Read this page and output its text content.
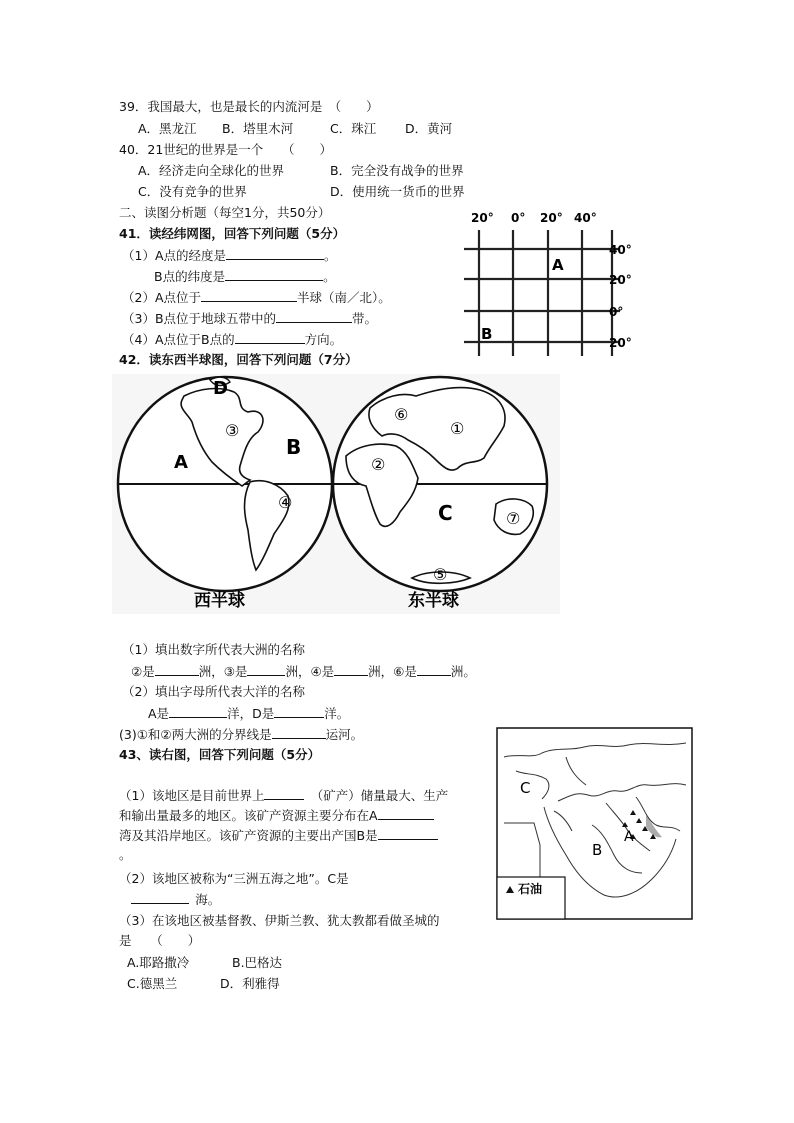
39．我国最大，也是最长的内流河是　（　　）
A．黑龙江 B．塔里木河	C．珠江 D．黄河
40．21世纪的世界是一个　　（　　）
A．经济走向全球化的世界	B．完全没有战争的世界
C．没有竞争的世界	D．使用统一货币的世界
二、读图分析题（每空1分，共50分）
41．读经纬网图，回答下列问题（5分）
（1）A点的经度是	。
B点的纬度是	。
（2）A点位于	半球（南／北）。
（3）B点位于地球五带中的	带。
（4）A点位于B点的	方向。
20° 0° 20° 40°
40°
20°
0°
20°
A
B
42．读东西半球图，回答下列问题（7分）
D
③
B
A
④
西半球
⑥
①
②
C	⑦
⑤
东半球
（1）填出数字所代表大洲的名称
②是	洲，③是	洲，④是	洲，⑥是	洲。
（2）填出字母所代表大洋的名称
A是	洋，D是	洋。
(3)①和②两大洲的分界线是	运河。
43、读右图，回答下列问题（5分）
（1）该地区是目前世界上 	（矿产）储量最大、生产
和输出量最多的地区。该矿产资源主要分布在A
湾及其沿岸地区。该矿产资源的主要出产国B是
。
（2）该地区被称为“三洲五海之地”。C是
 海。
（3）在该地区被基督教、伊斯兰教、犹太教都看做圣城的
是　　（　　）
A.耶路撒冷	B.巴格达
C.德黑兰	D．利雅得
C
A
B
石油
